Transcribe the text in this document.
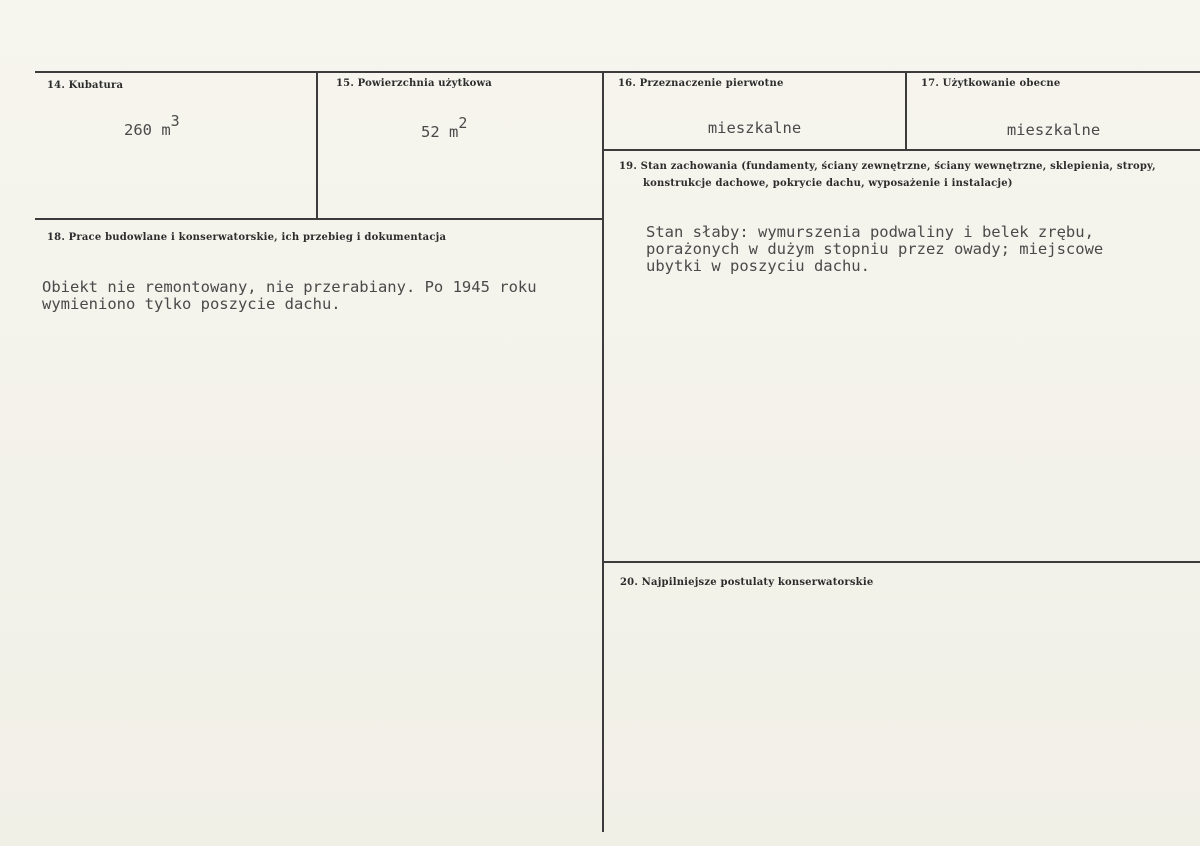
14. Kubatura
260 $m^3$
15. Powierzchnia użytkowa
52 $m^2$
16. Przeznaczenie pierwotne
mieszkalne
17. Użytkowanie obecne
mieszkalne
18. Prace budowlane i konserwatorskie, ich przebieg i dokumentacja
Obiekt nie remontowany, nie przerabiany. Po 1945 roku
wymieniono tylko poszycie dachu.
19. Stan zachowania (fundamenty, ściany zewnętrzne, ściany wewnętrzne, sklepienia, stropy,
konstrukcje dachowe, pokrycie dachu, wyposażenie i instalacje)
Stan słaby: wymurszenia podwaliny i belek zrębu,
porażonych w dużym stopniu przez owady; miejscowe
ubytki w poszyciu dachu.
20. Najpilniejsze postulaty konserwatorskie
